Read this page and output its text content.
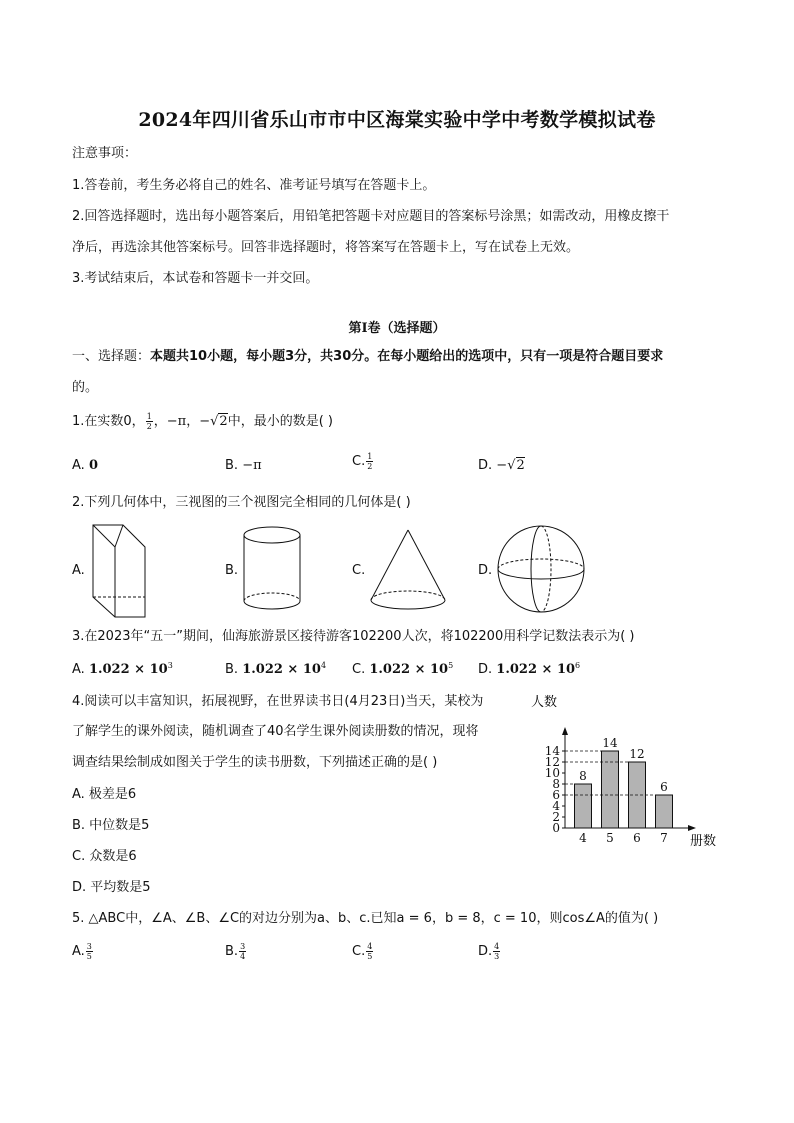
2024年四川省乐山市市中区海棠实验中学中考数学模拟试卷
注意事项：
1.答卷前，考生务必将自己的姓名、准考证号填写在答题卡上。
2.回答选择题时，选出每小题答案后，用铅笔把答题卡对应题目的答案标号涂黑；如需改动，用橡皮擦干
净后，再选涂其他答案标号。回答非选择题时，将答案写在答题卡上，写在试卷上无效。
3.考试结束后，本试卷和答题卡一并交回。
第Ⅰ卷（选择题）
一、选择题：本题共10小题，每小题3分，共30分。在每小题给出的选项中，只有一项是符合题目要求
的。
1.在实数0， $\frac{1}{2}$ ，−π，−√2中，最小的数是( )
A. 0	B. −π	C. $\frac{1}{2}$	D. −√2
2.下列几何体中，三视图的三个视图完全相同的几何体是( )
A.	B.	C.	D.
3.在2023年“五一”期间，仙海旅游景区接待游客102200人次，将102200用科学记数法表示为( )
A. $1.022 \times 10^3$	B. $1.022 \times 10^4$ C. $1.022 \times 10^5$ D. $1.022 \times 10^6$
4.阅读可以丰富知识，拓展视野，在世界读书日(4月23日)当天，某校为
了解学生的课外阅读，随机调查了40名学生课外阅读册数的情况，现将
调查结果绘制成如图关于学生的读书册数，下列描述正确的是( )
A. 极差是6
B. 中位数是5
C. 众数是6
D. 平均数是5
0
2
4
6
8
10
12
14
8
4
14
5
12
6
6
7
人数
册数
5. △ABC中，∠A、∠B、∠C的对边分别为a、b、c.已知a = 6，b = 8，c = 10，则cos∠A的值为( )
A. $\frac{3}{5}$	B. $\frac{3}{4}$	C. $\frac{4}{5}$	D. $\frac{4}{3}$
